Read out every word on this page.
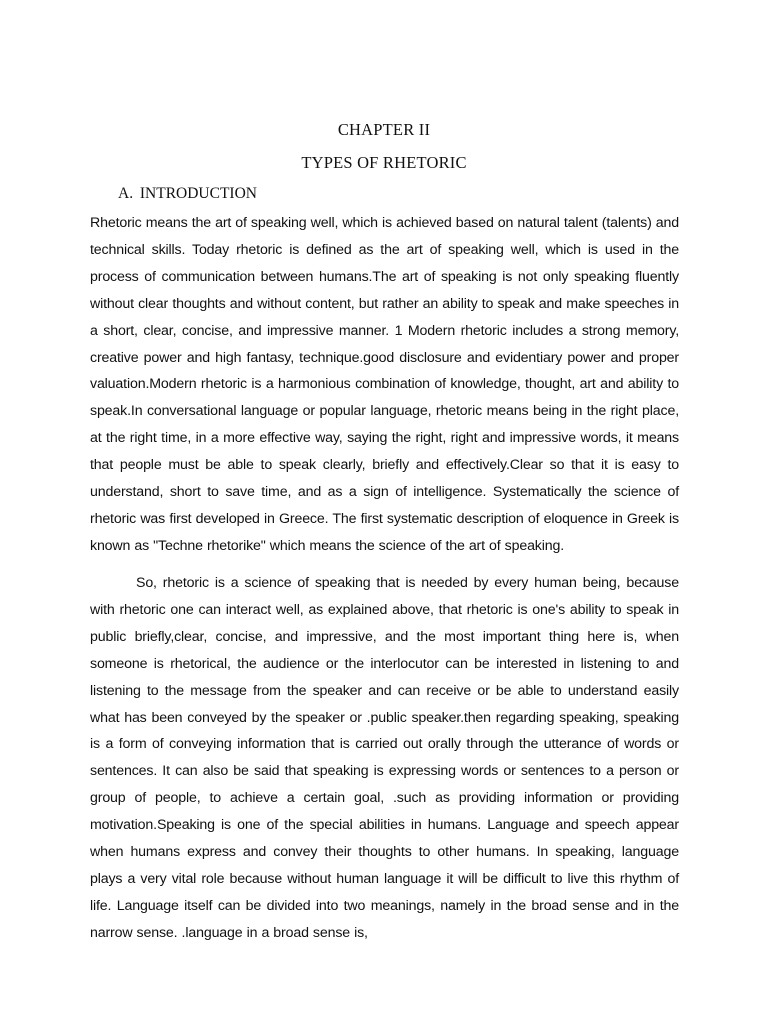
CHAPTER II
TYPES OF RHETORIC
A. INTRODUCTION

Rhetoric means the art of speaking well, which is achieved based on natural talent (talents) and technical skills. Today rhetoric is defined as the art of speaking well, which is used in the process of communication between humans.The art of speaking is not only speaking fluently without clear thoughts and without content, but rather an ability to speak and make speeches in a short, clear, concise, and impressive manner. 1 Modern rhetoric includes a strong memory, creative power and high fantasy, technique.good disclosure and evidentiary power and proper valuation.Modern rhetoric is a harmonious combination of knowledge, thought, art and ability to speak.In conversational language or popular language, rhetoric means being in the right place, at the right time, in a more effective way, saying the right, right and impressive words, it means that people must be able to speak clearly, briefly and effectively.Clear so that it is easy to understand, short to save time, and as a sign of intelligence. Systematically the science of rhetoric was first developed in Greece. The first systematic description of eloquence in Greek is known as "Techne rhetorike" which means the science of the art of speaking.

So, rhetoric is a science of speaking that is needed by every human being, because with rhetoric one can interact well, as explained above, that rhetoric is one's ability to speak in public briefly,clear, concise, and impressive, and the most important thing here is, when someone is rhetorical, the audience or the interlocutor can be interested in listening to and listening to the message from the speaker and can receive or be able to understand easily what has been conveyed by the speaker or .public speaker.then regarding speaking, speaking is a form of conveying information that is carried out orally through the utterance of words or sentences. It can also be said that speaking is expressing words or sentences to a person or group of people, to achieve a certain goal, .such as providing information or providing motivation.Speaking is one of the special abilities in humans. Language and speech appear when humans express and convey their thoughts to other humans. In speaking, language plays a very vital role because without human language it will be difficult to live this rhythm of life. Language itself can be divided into two meanings, namely in the broad sense and in the narrow sense. .language in a broad sense is,
